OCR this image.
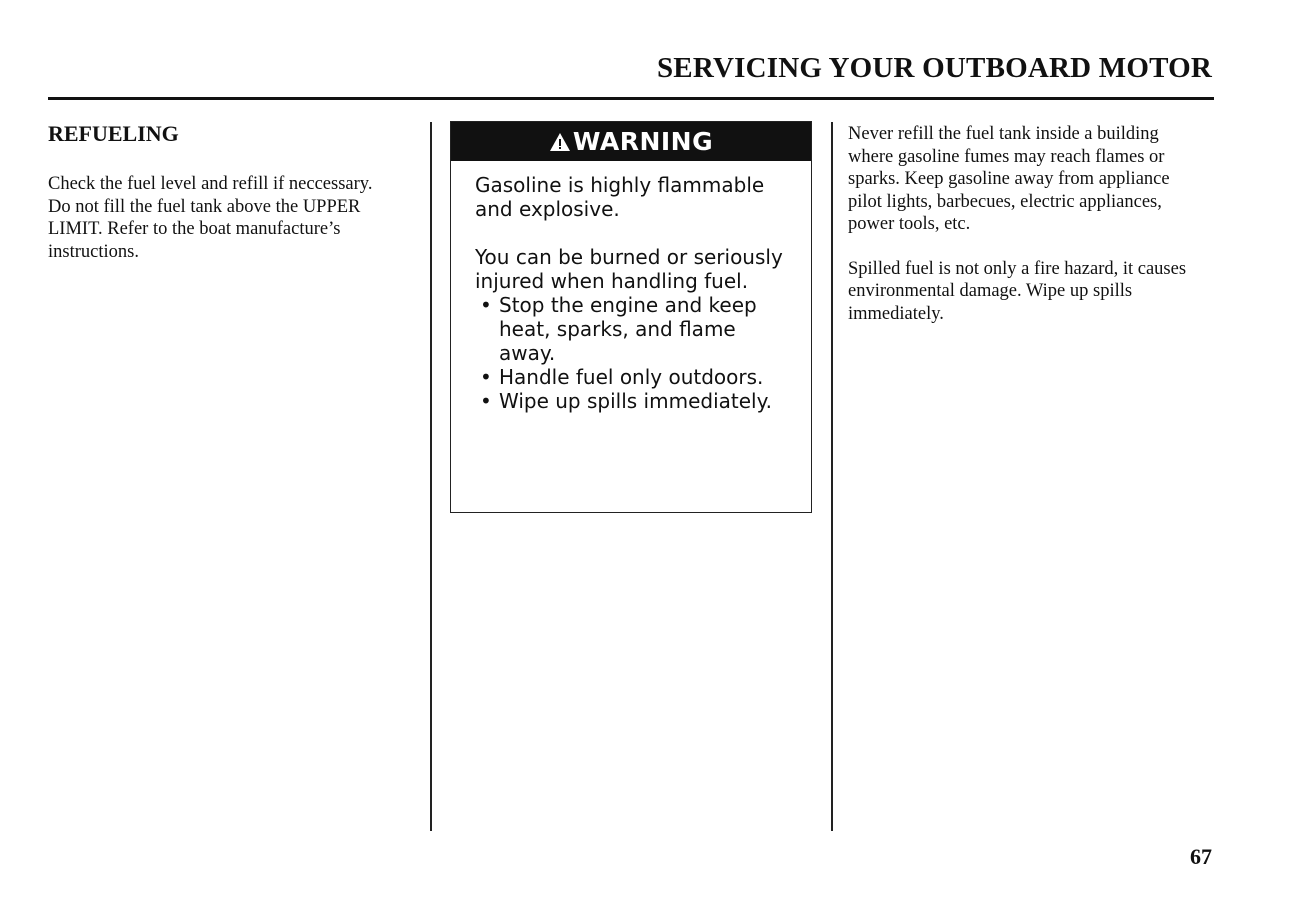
SERVICING YOUR OUTBOARD MOTOR
REFUELING
Check the fuel level and refill if neccessary. Do not fill the fuel tank above the UPPER LIMIT. Refer to the boat manufacture’s instructions.
WARNING

Gasoline is highly flammable and explosive.

You can be burned or seriously injured when handling fuel.

• Stop the engine and keep heat, sparks, and flame away.
• Handle fuel only outdoors.
• Wipe up spills immediately.

Never refill the fuel tank inside a building where gasoline fumes may reach flames or sparks. Keep gasoline away from appliance pilot lights, barbecues, electric appliances, power tools, etc.

Spilled fuel is not only a fire hazard, it causes environmental damage. Wipe up spills immediately.

67
